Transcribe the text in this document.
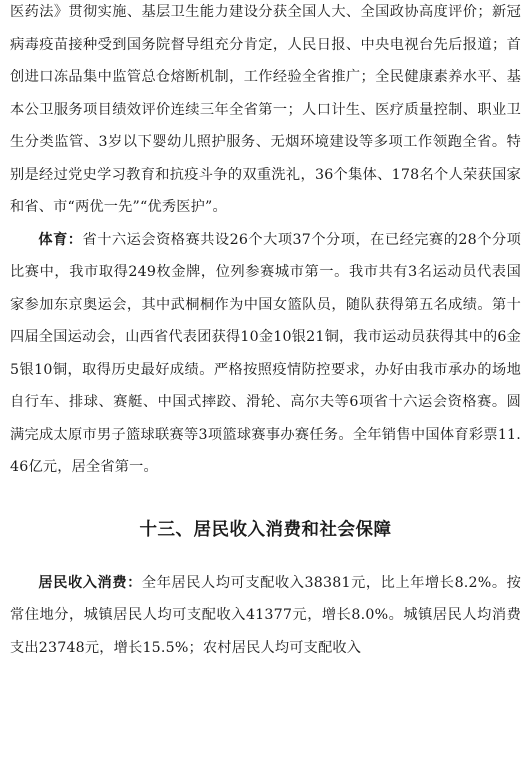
医药法》贯彻实施、基层卫生能力建设分获全国人大、全国政协高度评价；新冠病毒疫苗接种受到国务院督导组充分肯定，人民日报、中央电视台先后报道；首创进口冻品集中监管总仓熔断机制，工作经验全省推广；全民健康素养水平、基本公卫服务项目绩效评价连续三年全省第一；人口计生、医疗质量控制、职业卫生分类监管、3岁以下婴幼儿照护服务、无烟环境建设等多项工作领跑全省。特别是经过党史学习教育和抗疫斗争的双重洗礼，36个集体、178名个人荣获国家和省、市“两优一先”“优秀医护”。

体育：省十六运会资格赛共设26个大项37个分项，在已经完赛的28个分项比赛中，我市取得249枚金牌，位列参赛城市第一。我市共有3名运动员代表国家参加东京奥运会，其中武桐桐作为中国女篮队员，随队获得第五名成绩。第十四届全国运动会，山西省代表团获得10金10银21铜，我市运动员获得其中的6金5银10铜，取得历史最好成绩。严格按照疫情防控要求，办好由我市承办的场地自行车、排球、赛艇、中国式摔跤、滑轮、高尔夫等6项省十六运会资格赛。圆满完成太原市男子篮球联赛等3项篮球赛事办赛任务。全年销售中国体育彩票11.46亿元，居全省第一。

十三、居民收入消费和社会保障

居民收入消费：全年居民人均可支配收入38381元，比上年增长8.2%。按常住地分，城镇居民人均可支配收入41377元，增长8.0%。城镇居民人均消费支出23748元，增长15.5%；农村居民人均可支配收入
